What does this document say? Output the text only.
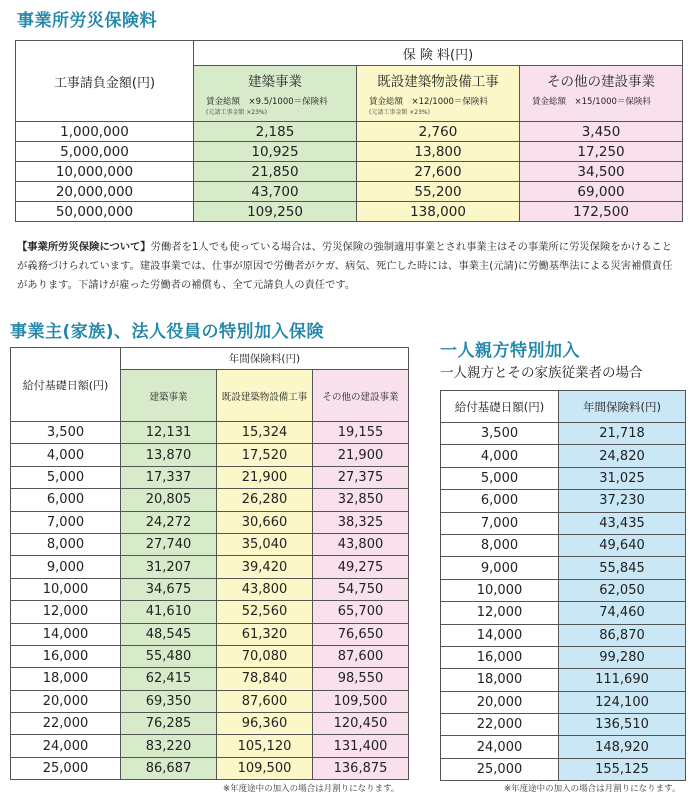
事業所労災保険料
工事請負金額(円)	保 険 料(円)		

	建築事業
賃金総額　×9.5/1000＝保険料
(元請工事金額 ×23%)	既設建築物設備工事
賃金総額　×12/1000＝保険料
(元請工事金額 ×23%)	その他の建設事業
賃金総額　×15/1000＝保険料

1,000,000	2,185	2,760	3,450
5,000,000	10,925	13,800	17,250
10,000,000	21,850	27,600	34,500
20,000,000	43,700	55,200	69,000
50,000,000	109,250	138,000	172,500
【事業所労災保険について】労働者を1人でも使っている場合は、労災保険の強制適用事業とされ事業主はその事業所に労災保険をかけることが義務づけられています。建設事業では、仕事が原因で労働者がケガ、病気、死亡した時には、事業主(元請)に労働基準法による災害補償責任があります。下請けが雇った労働者の補償も、全て元請負人の責任です。
事業主(家族)、法人役員の特別加入保険
給付基礎日額(円)	年間保険料(円)		
	建築事業	既設建築物設備工事	その他の建設事業
3,500	12,131	15,324	19,155
4,000	13,870	17,520	21,900
5,000	17,337	21,900	27,375
6,000	20,805	26,280	32,850
7,000	24,272	30,660	38,325
8,000	27,740	35,040	43,800
9,000	31,207	39,420	49,275
10,000	34,675	43,800	54,750
12,000	41,610	52,560	65,700
14,000	48,545	61,320	76,650
16,000	55,480	70,080	87,600
18,000	62,415	78,840	98,550
20,000	69,350	87,600	109,500
22,000	76,285	96,360	120,450
24,000	83,220	105,120	131,400
25,000	86,687	109,500	136,875
※年度途中の加入の場合は月割りになります。
一人親方特別加入
一人親方とその家族従業者の場合
給付基礎日額(円)	年間保険料(円)
3,500	21,718
4,000	24,820
5,000	31,025
6,000	37,230
7,000	43,435
8,000	49,640
9,000	55,845
10,000	62,050
12,000	74,460
14,000	86,870
16,000	99,280
18,000	111,690
20,000	124,100
22,000	136,510
24,000	148,920
25,000	155,125
※年度途中の加入の場合は月割りになります。
